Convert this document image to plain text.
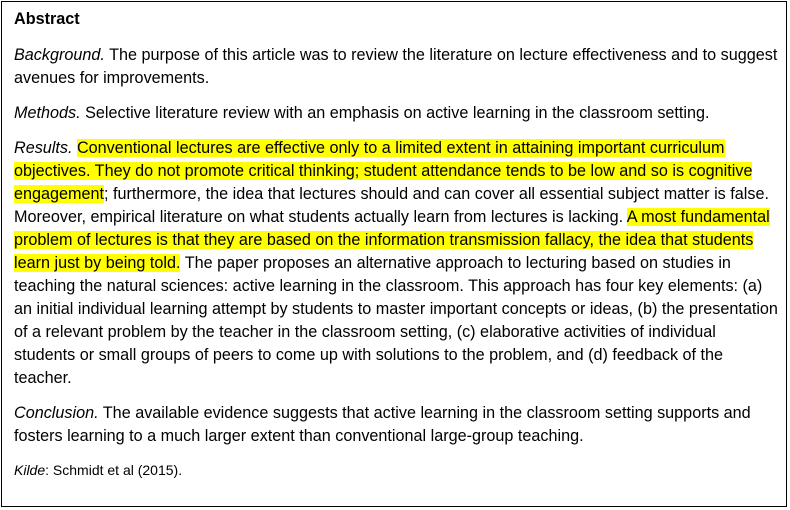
Abstract

Background. The purpose of this article was to review the literature on lecture effectiveness and to suggest avenues for improvements.

Methods. Selective literature review with an emphasis on active learning in the classroom setting.

Results. Conventional lectures are effective only to a limited extent in attaining important curriculum objectives. They do not promote critical thinking; student attendance tends to be low and so is cognitive engagement; furthermore, the idea that lectures should and can cover all essential subject matter is false. Moreover, empirical literature on what students actually learn from lectures is lacking. A most fundamental problem of lectures is that they are based on the information transmission fallacy, the idea that students learn just by being told. The paper proposes an alternative approach to lecturing based on studies in teaching the natural sciences: active learning in the classroom. This approach has four key elements: (a) an initial individual learning attempt by students to master important concepts or ideas, (b) the presentation of a relevant problem by the teacher in the classroom setting, (c) elaborative activities of individual students or small groups of peers to come up with solutions to the problem, and (d) feedback of the teacher.

Conclusion. The available evidence suggests that active learning in the classroom setting supports and fosters learning to a much larger extent than conventional large-group teaching.

Kilde: Schmidt et al (2015).
